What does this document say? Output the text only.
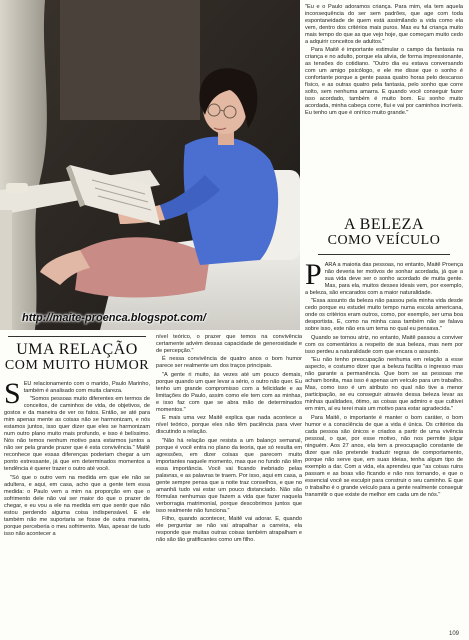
http://maite-proenca.blogspot.com/

"Eu e o Paulo adoramos criança. Para mim, ela tem aquela inconsequência do ser sem padrões, que age com toda espontaneidade de quem está assimilando a vida como ela vem, dentro dos critérios mais puros. Mas eu fui criança muito mais tempo do que as que vejo hoje, que começam muito cedo a adquirir conceitos de adultos."

Para Maitê é importante estimular o campo da fantasia na criança e no adulto, porque ela alivia, de forma impressionante, as tensões do cotidiano. "Outro dia eu estava conversando com um amigo psicólogo, e ele me disse que o sonho é confortante porque a gente passa quatro horas pelo descanso físico, e as outras quatro pela fantasia, pelo sonho que corre solto, sem nenhuma amarra. E quando você conseguir fazer isso acordado, também é muito bom. Eu sonho muito acordada, minha cabeça corre, flui e vai por caminhos incríveis. Eu tenho um que é onírico muito grande."

A BELEZA
COMO VEÍCULO

P ARA a maioria das pessoas, no entanto, Maitê Proença não deveria ter motivos de sonhar acordada, já que a sua vida deve ser o sonho acordado de muita gente. Mas, para ela, muitos desses ideais vem, por exemplo, a beleza, são encarados com a maior naturalidade.

"Essa assunto da beleza não passou pela minha vida desde cedo porque eu estudei muito tempo numa escola americana, onde os critérios eram outros, como, por exemplo, ser uma boa desportista. E, como na minha casa também não se falava sobre isso, este não era um tema no qual eu pensava."

Quando se tornou atriz, no entanto, Maitê passou a conviver com os comentários a respeito de sua beleza, mas nem por isso perdeu a naturalidade com que encara o assunto.

"Eu não tenho preocupação nenhuma em relação a esse aspecto, e costumo dizer que a beleza facilita o ingresso mas não garante a permanência. Que bom se as pessoas me acham bonita, mas isso é apenas um veículo para um trabalho. Mas, como isso é um atributo no qual não tive a menor participação, se eu conseguir através dessa beleza levar as minhas qualidades, ótimo, as coisas que admiro e que cultivei em mim, aí eu terei mais um motivo para estar agradecida."

Para Maitê, o importante é manter o bom caráter, o bom humor e a consciência de que a vida é única. Os critérios da cada pessoa são únicos e criados a partir de uma vivência pessoal, o que, por esse motivo, não nos permite julgar ninguém. Aos 27 anos, ela tem a preocupação constante de dizer que não pretende traduzir regras de comportamento, porque não serve que, em suas ideias, tenha algum tipo de exemplo a dar. Com a vida, ela aprendeu que "as coisas ruins passam e as boas vão ficando e não nos tornando, e que o essencial você se esculpir para construir o seu caminho. E que o trabalho é o grande veículo para a gente realmente conseguir transmitir o que existe de melhor em cada um de nós."

UMA RELAÇÃO
COM MUITO HUMOR

S EU relacionamento com o marido, Paulo Marinho, também é analisado com muita clareza.

"Somos pessoas muito diferentes em termos de conceitos, de caminhos de vida, de objetivos, de gostos e da maneira de ver os fatos. Então, se até para mim apenas mente as coisas não se harmonizam, e nós estamos juntos, isso quer dizer que eles se harmonizam num outro plano muito mais profundo, e isso é belíssimo. Nós não temos nenhum motivo para estarmos juntos a não ser pela grande prazer que é esta convivência." Maitê reconhece que essas diferenças poderiam chegar a um ponto estressante, já que em determinados momentos a tendência é querer trazer o outro até você.

"Só que o outro vem na medida em que ele não se adultera, e aqui, em casa, acho que a gente tem essa medida: o Paulo vem a mim na proporção em que o sofrimento dele não vai ser maior do que o prazer de chegar, e eu vou a ele na medida em que sentir que não estou perdendo alguma coisa indispensável. E ele também não me suportaria se fosse de outra maneira, porque perceberia o meu sofrimento. Mas, apesar de tudo isso não acontecer a

nível teórico, o prazer que temos na convivência certamente advém dessas capacidade de generosidade e de percepção."

É nessa convivência de quatro anos o bom humor parece ser realmente um dos traços principais.

"A gente ri muito, às vezes até um pouco demais, porque quando um quer levar a sério, o outro não quer. Eu tenho um grande compromisso com a felicidade e as limitações do Paulo, assim como ele tem com as minhas, e isso faz com que se abra mão de determinados momentos."

E mais uma vez Maitê explica que nada acontece a nível teórico, porque eles não têm paciência para viver discutindo a relação.

"Não há relação que resista a um balanço semanal, porque é você entra no plano da teoria, que só resulta em agressões, em dizer coisas que parecem muito importantes naquele momento, mas que no fundo não têm essa importância. Você vai ficando inebriado pelas palavras, e as palavras te traem. Por isso, aqui em casa, a gente sempre pensa que a noite traz conselhos, e que no amanhã tudo vai estar um pouco distanciado. Não são fórmulas nenhumas que fazem a vida que fazer naquela verborragia matrimonial, porque descobrimos juntos que isso realmente não funciona."

Filho, quando acontecer, Maitê vai adorar. E, quando ele perguntar se não vai atrapalhar a carreira, ela responde que muitas outras coisas também atrapalham e não são tão gratificantes como um filho.

109
